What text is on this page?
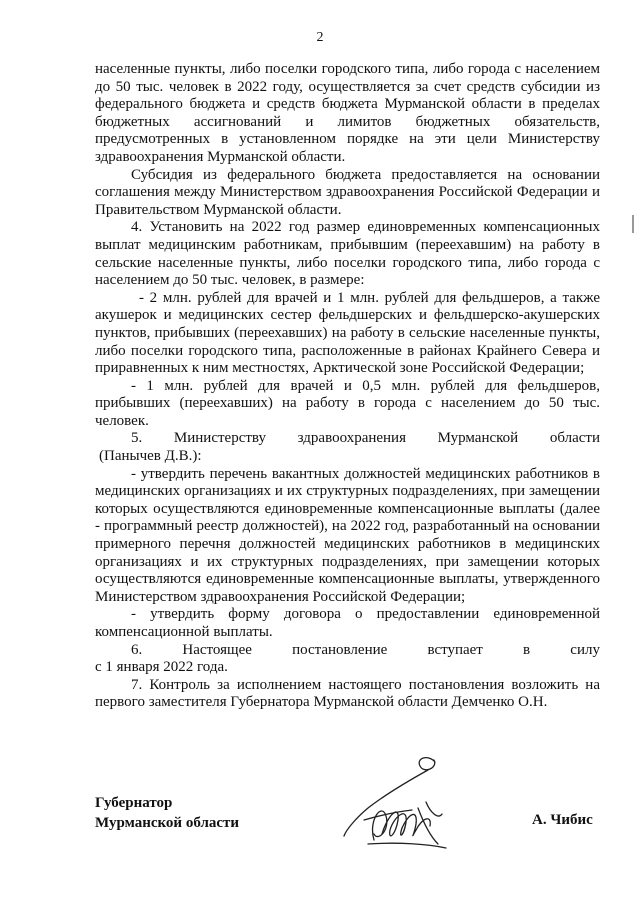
2

населенные пункты, либо поселки городского типа, либо города с населением до 50 тыс. человек в 2022 году, осуществляется за счет средств субсидии из федерального бюджета и средств бюджета Мурманской области в пределах бюджетных ассигнований и лимитов бюджетных обязательств, предусмотренных в установленном порядке на эти цели Министерству здравоохранения Мурманской области.

Субсидия из федерального бюджета предоставляется на основании соглашения между Министерством здравоохранения Российской Федерации и Правительством Мурманской области.

4. Установить на 2022 год размер единовременных компенсационных выплат медицинским работникам, прибывшим (переехавшим) на работу в сельские населенные пункты, либо поселки городского типа, либо города с населением до 50 тыс. человек, в размере:

- 2 млн. рублей для врачей и 1 млн. рублей для фельдшеров, а также акушерок и медицинских сестер фельдшерских и фельдшерско-акушерских пунктов, прибывших (переехавших) на работу в сельские населенные пункты, либо поселки городского типа, расположенные в районах Крайнего Севера и приравненных к ним местностях, Арктической зоне Российской Федерации;

- 1 млн. рублей для врачей и 0,5 млн. рублей для фельдшеров, прибывших (переехавших) на работу в города с населением до 50 тыс. человек.

5. Министерству здравоохранения Мурманской области

(Панычев Д.В.):

- утвердить перечень вакантных должностей медицинских работников в медицинских организациях и их структурных подразделениях, при замещении которых осуществляются единовременные компенсационные выплаты (далее - программный реестр должностей), на 2022 год, разработанный на основании примерного перечня должностей медицинских работников в медицинских организациях и их структурных подразделениях, при замещении которых осуществляются единовременные компенсационные выплаты, утвержденного Министерством здравоохранения Российской Федерации;

- утвердить форму договора о предоставлении единовременной компенсационной выплаты.

6.	Настоящее	постановление	вступает	в	силу

с 1 января 2022 года.

7. Контроль за исполнением настоящего постановления возложить на первого заместителя Губернатора Мурманской области Демченко О.Н.

Губернатор
Мурманской области	А. Чибис
